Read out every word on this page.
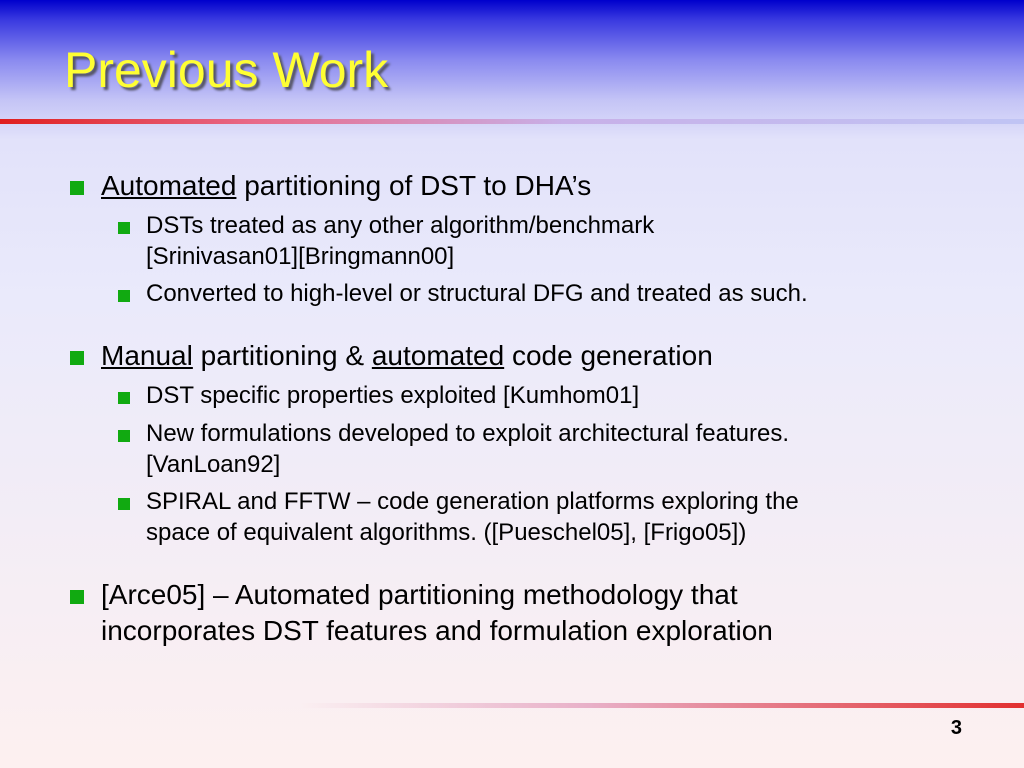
Previous Work
Automated partitioning of DST to DHA’s
DSTs treated as any other algorithm/benchmark
[Srinivasan01][Bringmann00]
Converted to high-level or structural DFG and treated as such.
Manual partitioning & automated code generation
DST specific properties exploited [Kumhom01]
New formulations developed to exploit architectural features.
[VanLoan92]
SPIRAL and FFTW – code generation platforms exploring the
space of equivalent algorithms. ([Pueschel05], [Frigo05])
[Arce05] – Automated partitioning methodology that
incorporates DST features and formulation exploration
3
